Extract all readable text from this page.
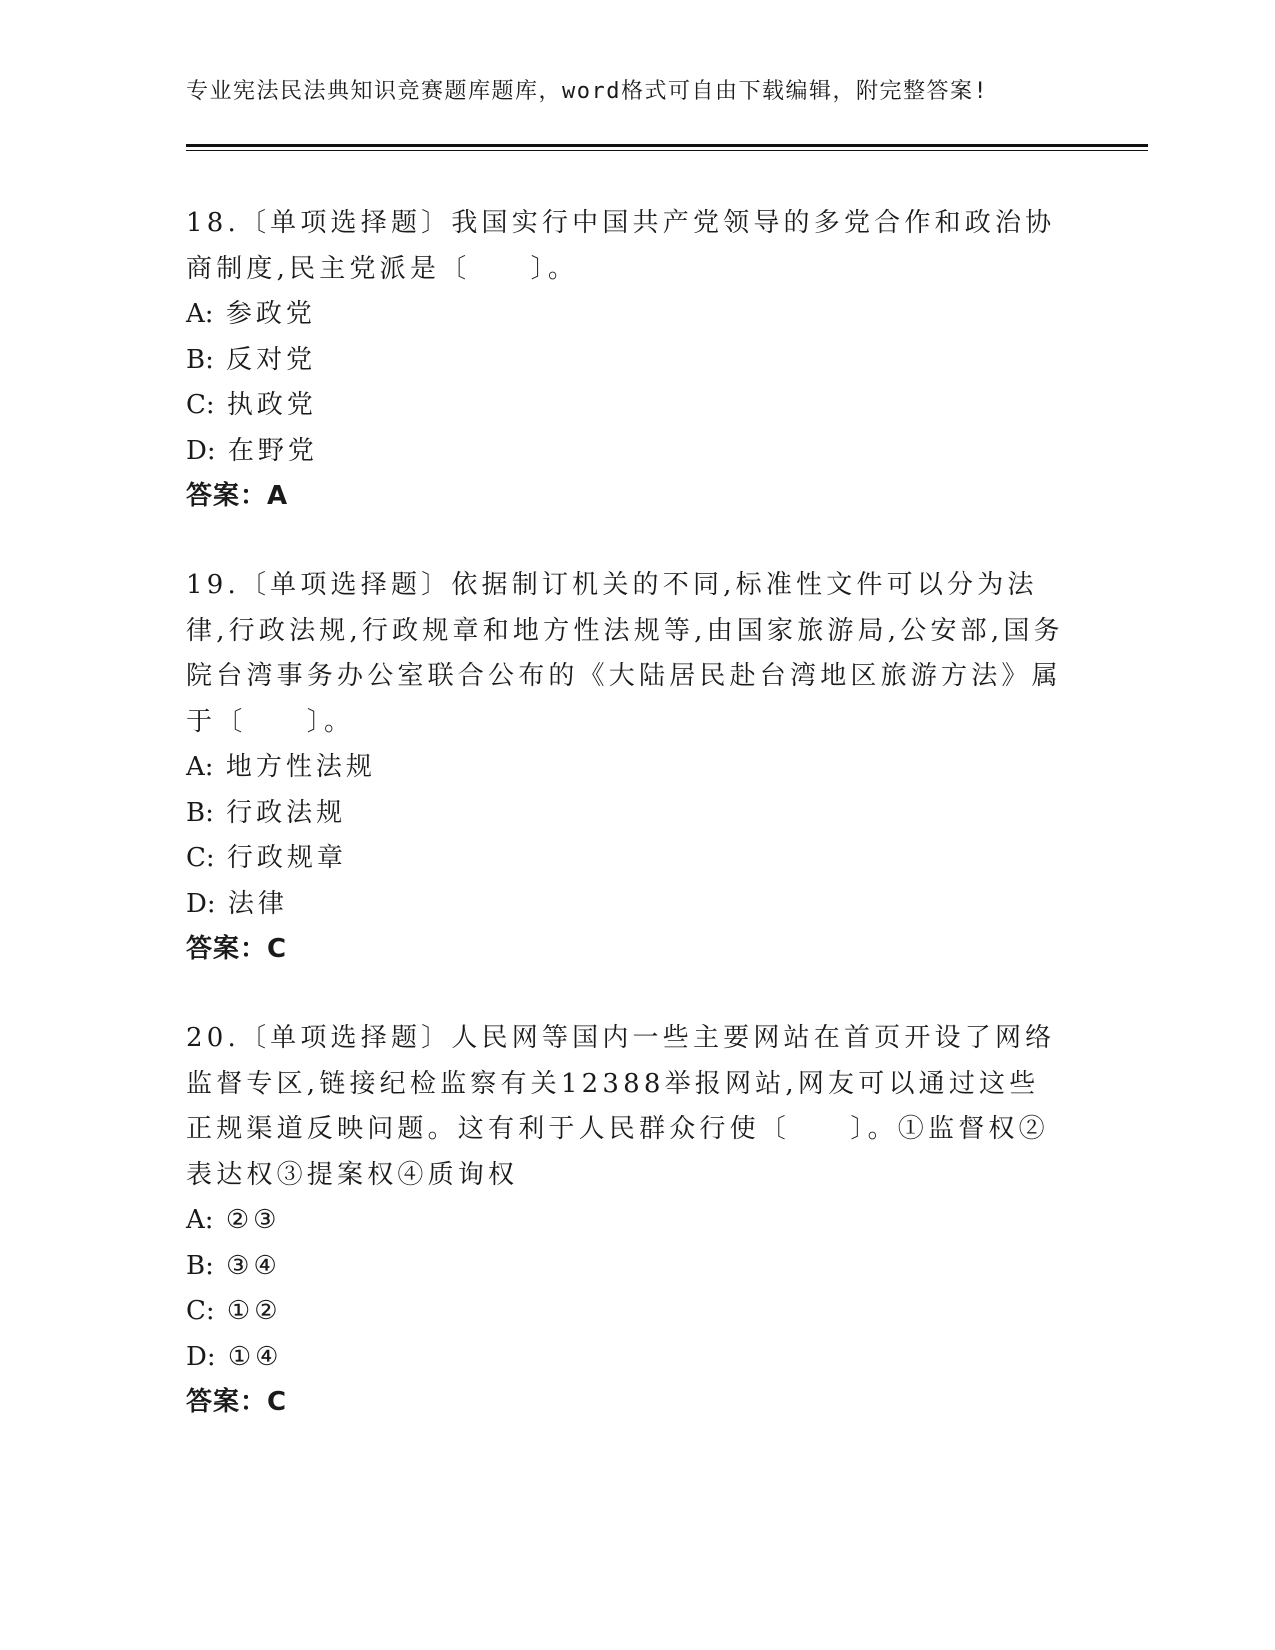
专业宪法民法典知识竞赛题库题库，word格式可自由下载编辑，附完整答案!

18.〔单项选择题〕我国实行中国共产党领导的多党合作和政治协商制度,民主党派是〔　　〕。

A: 参政党
B: 反对党
C: 执政党
D: 在野党
答案：A

19.〔单项选择题〕依据制订机关的不同,标准性文件可以分为法律,行政法规,行政规章和地方性法规等,由国家旅游局,公安部,国务院台湾事务办公室联合公布的《大陆居民赴台湾地区旅游方法》属于〔　　〕。

A: 地方性法规
B: 行政法规
C: 行政规章
D: 法律
答案：C

20.〔单项选择题〕人民网等国内一些主要网站在首页开设了网络监督专区,链接纪检监察有关12388举报网站,网友可以通过这些正规渠道反映问题。这有利于人民群众行使〔　　〕。①监督权②表达权③提案权④质询权

A: ②③
B: ③④
C: ①②
D: ①④
答案：C
